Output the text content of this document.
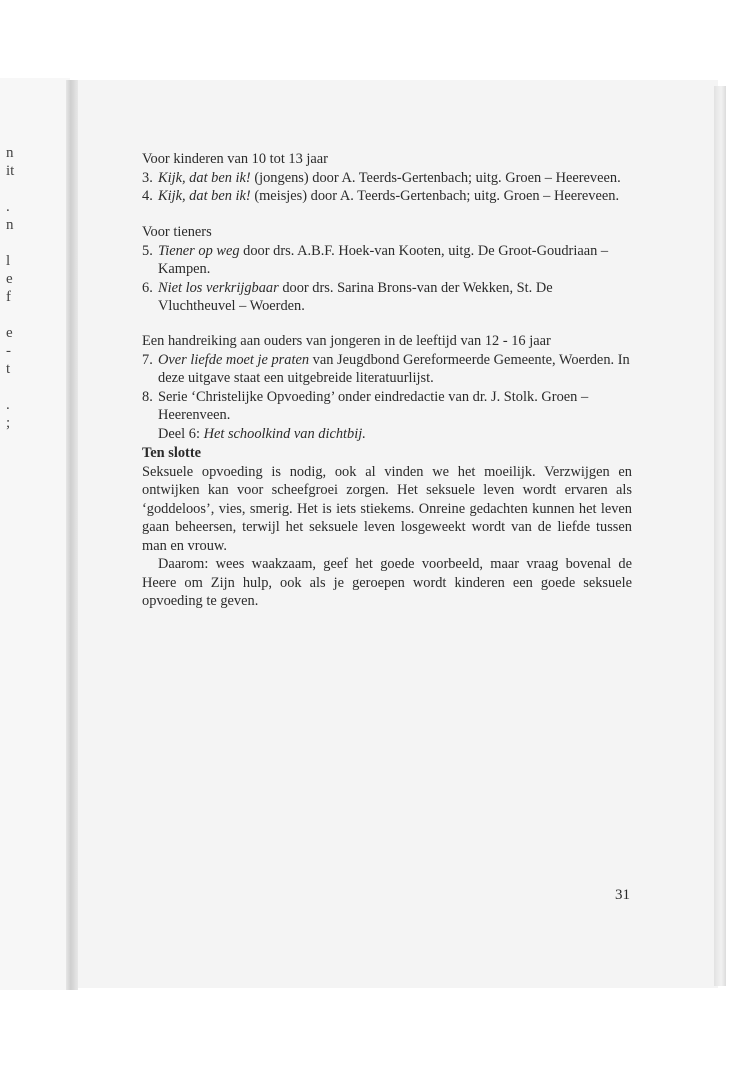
n
it
.
n
l
e
f
e
-
t
.
;

Voor kinderen van 10 tot 13 jaar

3. Kijk, dat ben ik! (jongens) door A. Teerds-Gertenbach; uitg. Groen – Heereveen.

4. Kijk, dat ben ik! (meisjes) door A. Teerds-Gertenbach; uitg. Groen – Heereveen.

Voor tieners

5. Tiener op weg door drs. A.B.F. Hoek-van Kooten, uitg. De Groot-Goudriaan – Kampen.

6. Niet los verkrijgbaar door drs. Sarina Brons-van der Wekken, St. De Vluchtheuvel – Woerden.

Een handreiking aan ouders van jongeren in de leeftijd van 12 - 16 jaar

7. Over liefde moet je praten van Jeugdbond Gereformeerde Gemeente, Woerden. In deze uitgave staat een uitgebreide literatuurlijst.

8. Serie ‘Christelijke Opvoeding’ onder eindredactie van dr. J. Stolk. Groen – Heerenveen.

Deel 6: Het schoolkind van dichtbij.

Ten slotte

Seksuele opvoeding is nodig, ook al vinden we het moeilijk. Verzwijgen en ontwijken kan voor scheefgroei zorgen. Het seksuele leven wordt ervaren als ‘goddeloos’, vies, smerig. Het is iets stiekems. Onreine gedachten kunnen het leven gaan beheersen, terwijl het seksuele leven losgeweekt wordt van de liefde tussen man en vrouw.

Daarom: wees waakzaam, geef het goede voorbeeld, maar vraag bovenal de Heere om Zijn hulp, ook als je geroepen wordt kinderen een goede seksuele opvoeding te geven.

31
